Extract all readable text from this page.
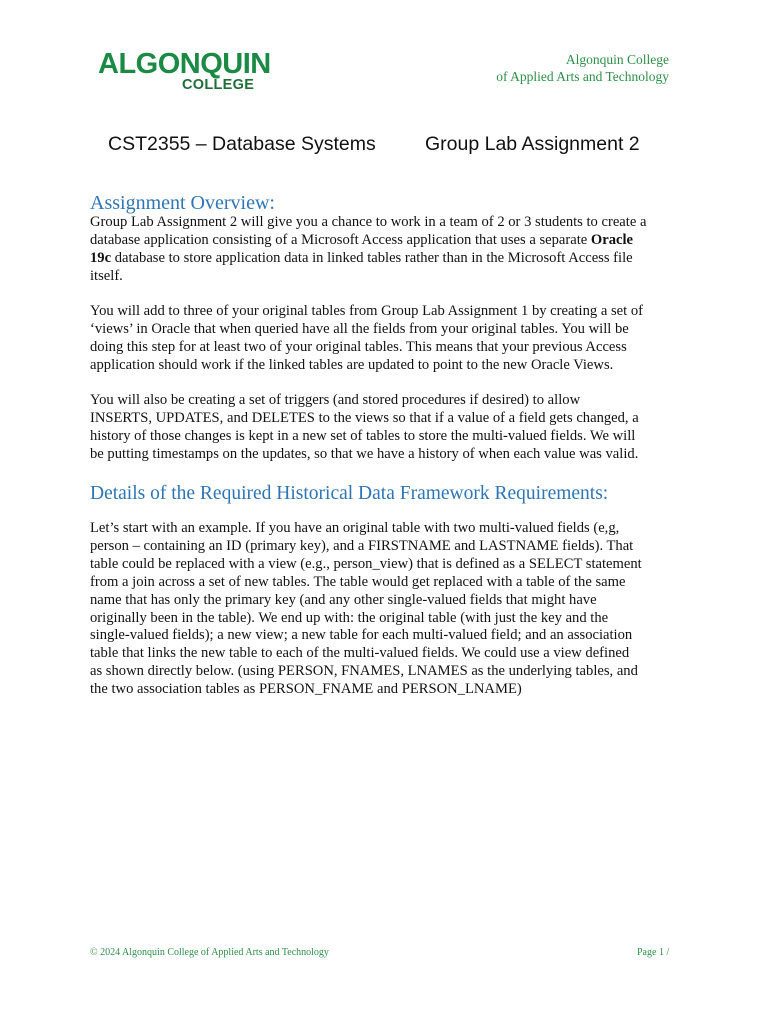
ALGONQUIN
COLLEGE
Algonquin College
of Applied Arts and Technology
CST2355 – Database Systems	Group Lab Assignment 2
Assignment Overview:
Group Lab Assignment 2 will give you a chance to work in a team of 2 or 3 students to create a
database application consisting of a Microsoft Access application that uses a separate Oracle
19c database to store application data in linked tables rather than in the Microsoft Access file
itself.
You will add to three of your original tables from Group Lab Assignment 1 by creating a set of
‘views’ in Oracle that when queried have all the fields from your original tables. You will be
doing this step for at least two of your original tables. This means that your previous Access
application should work if the linked tables are updated to point to the new Oracle Views.
You will also be creating a set of triggers (and stored procedures if desired) to allow
INSERTS, UPDATES, and DELETES to the views so that if a value of a field gets changed, a
history of those changes is kept in a new set of tables to store the multi-valued fields. We will
be putting timestamps on the updates, so that we have a history of when each value was valid.
Details of the Required Historical Data Framework Requirements:
Let’s start with an example. If you have an original table with two multi-valued fields (e,g,
person – containing an ID (primary key), and a FIRSTNAME and LASTNAME fields). That
table could be replaced with a view (e.g., person_view) that is defined as a SELECT statement
from a join across a set of new tables. The table would get replaced with a table of the same
name that has only the primary key (and any other single-valued fields that might have
originally been in the table). We end up with: the original table (with just the key and the
single-valued fields); a new view; a new table for each multi-valued field; and an association
table that links the new table to each of the multi-valued fields. We could use a view defined
as shown directly below. (using PERSON, FNAMES, LNAMES as the underlying tables, and
the two association tables as PERSON_FNAME and PERSON_LNAME)
© 2024 Algonquin College of Applied Arts and Technology	Page 1 /
